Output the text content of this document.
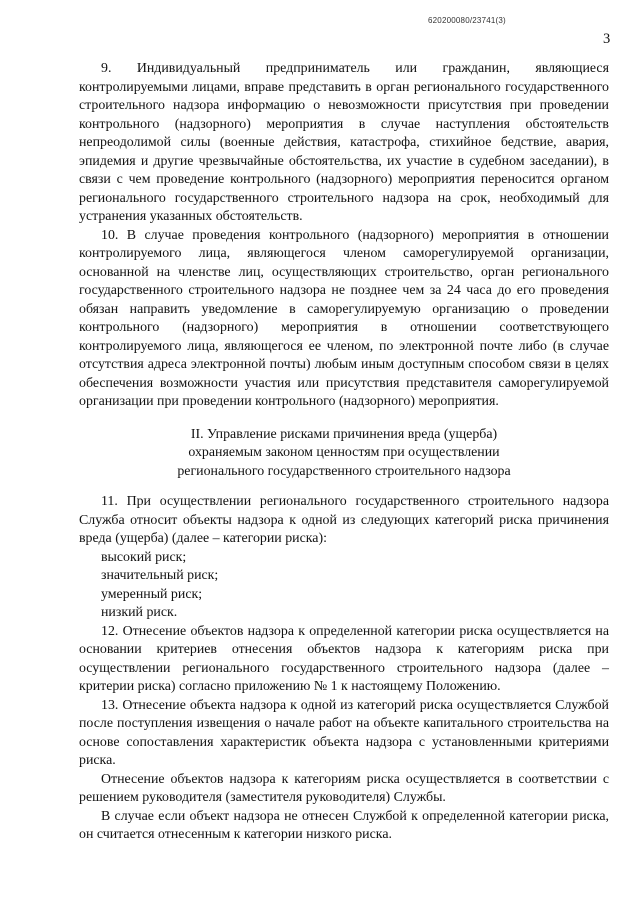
620200080/23741(3)
3

9. Индивидуальный предприниматель или гражданин, являющиеся контролируемыми лицами, вправе представить в орган регионального государственного строительного надзора информацию о невозможности присутствия при проведении контрольного (надзорного) мероприятия в случае наступления обстоятельств непреодолимой силы (военные действия, катастрофа, стихийное бедствие, авария, эпидемия и другие чрезвычайные обстоятельства, их участие в судебном заседании), в связи с чем проведение контрольного (надзорного) мероприятия переносится органом регионального государственного строительного надзора на срок, необходимый для устранения указанных обстоятельств.

10. В случае проведения контрольного (надзорного) мероприятия в отношении контролируемого лица, являющегося членом саморегулируемой организации, основанной на членстве лиц, осуществляющих строительство, орган регионального государственного строительного надзора не позднее чем за 24 часа до его проведения обязан направить уведомление в саморегулируемую организацию о проведении контрольного (надзорного) мероприятия в отношении соответствующего контролируемого лица, являющегося ее членом, по электронной почте либо (в случае отсутствия адреса электронной почты) любым иным доступным способом связи в целях обеспечения возможности участия или присутствия представителя саморегулируемой организации при проведении контрольного (надзорного) мероприятия.

II. Управление рисками причинения вреда (ущерба)
охраняемым законом ценностям при осуществлении
регионального государственного строительного надзора

11. При осуществлении регионального государственного строительного надзора Служба относит объекты надзора к одной из следующих категорий риска причинения вреда (ущерба) (далее – категории риска):

высокий риск;

значительный риск;

умеренный риск;

низкий риск.

12. Отнесение объектов надзора к определенной категории риска осуществляется на основании критериев отнесения объектов надзора к категориям риска при осуществлении регионального государственного строительного надзора (далее – критерии риска) согласно приложению № 1 к настоящему Положению.

13. Отнесение объекта надзора к одной из категорий риска осуществляется Службой после поступления извещения о начале работ на объекте капитального строительства на основе сопоставления характеристик объекта надзора с установленными критериями риска.

Отнесение объектов надзора к категориям риска осуществляется в соответствии с решением руководителя (заместителя руководителя) Службы.

В случае если объект надзора не отнесен Службой к определенной категории риска, он считается отнесенным к категории низкого риска.
